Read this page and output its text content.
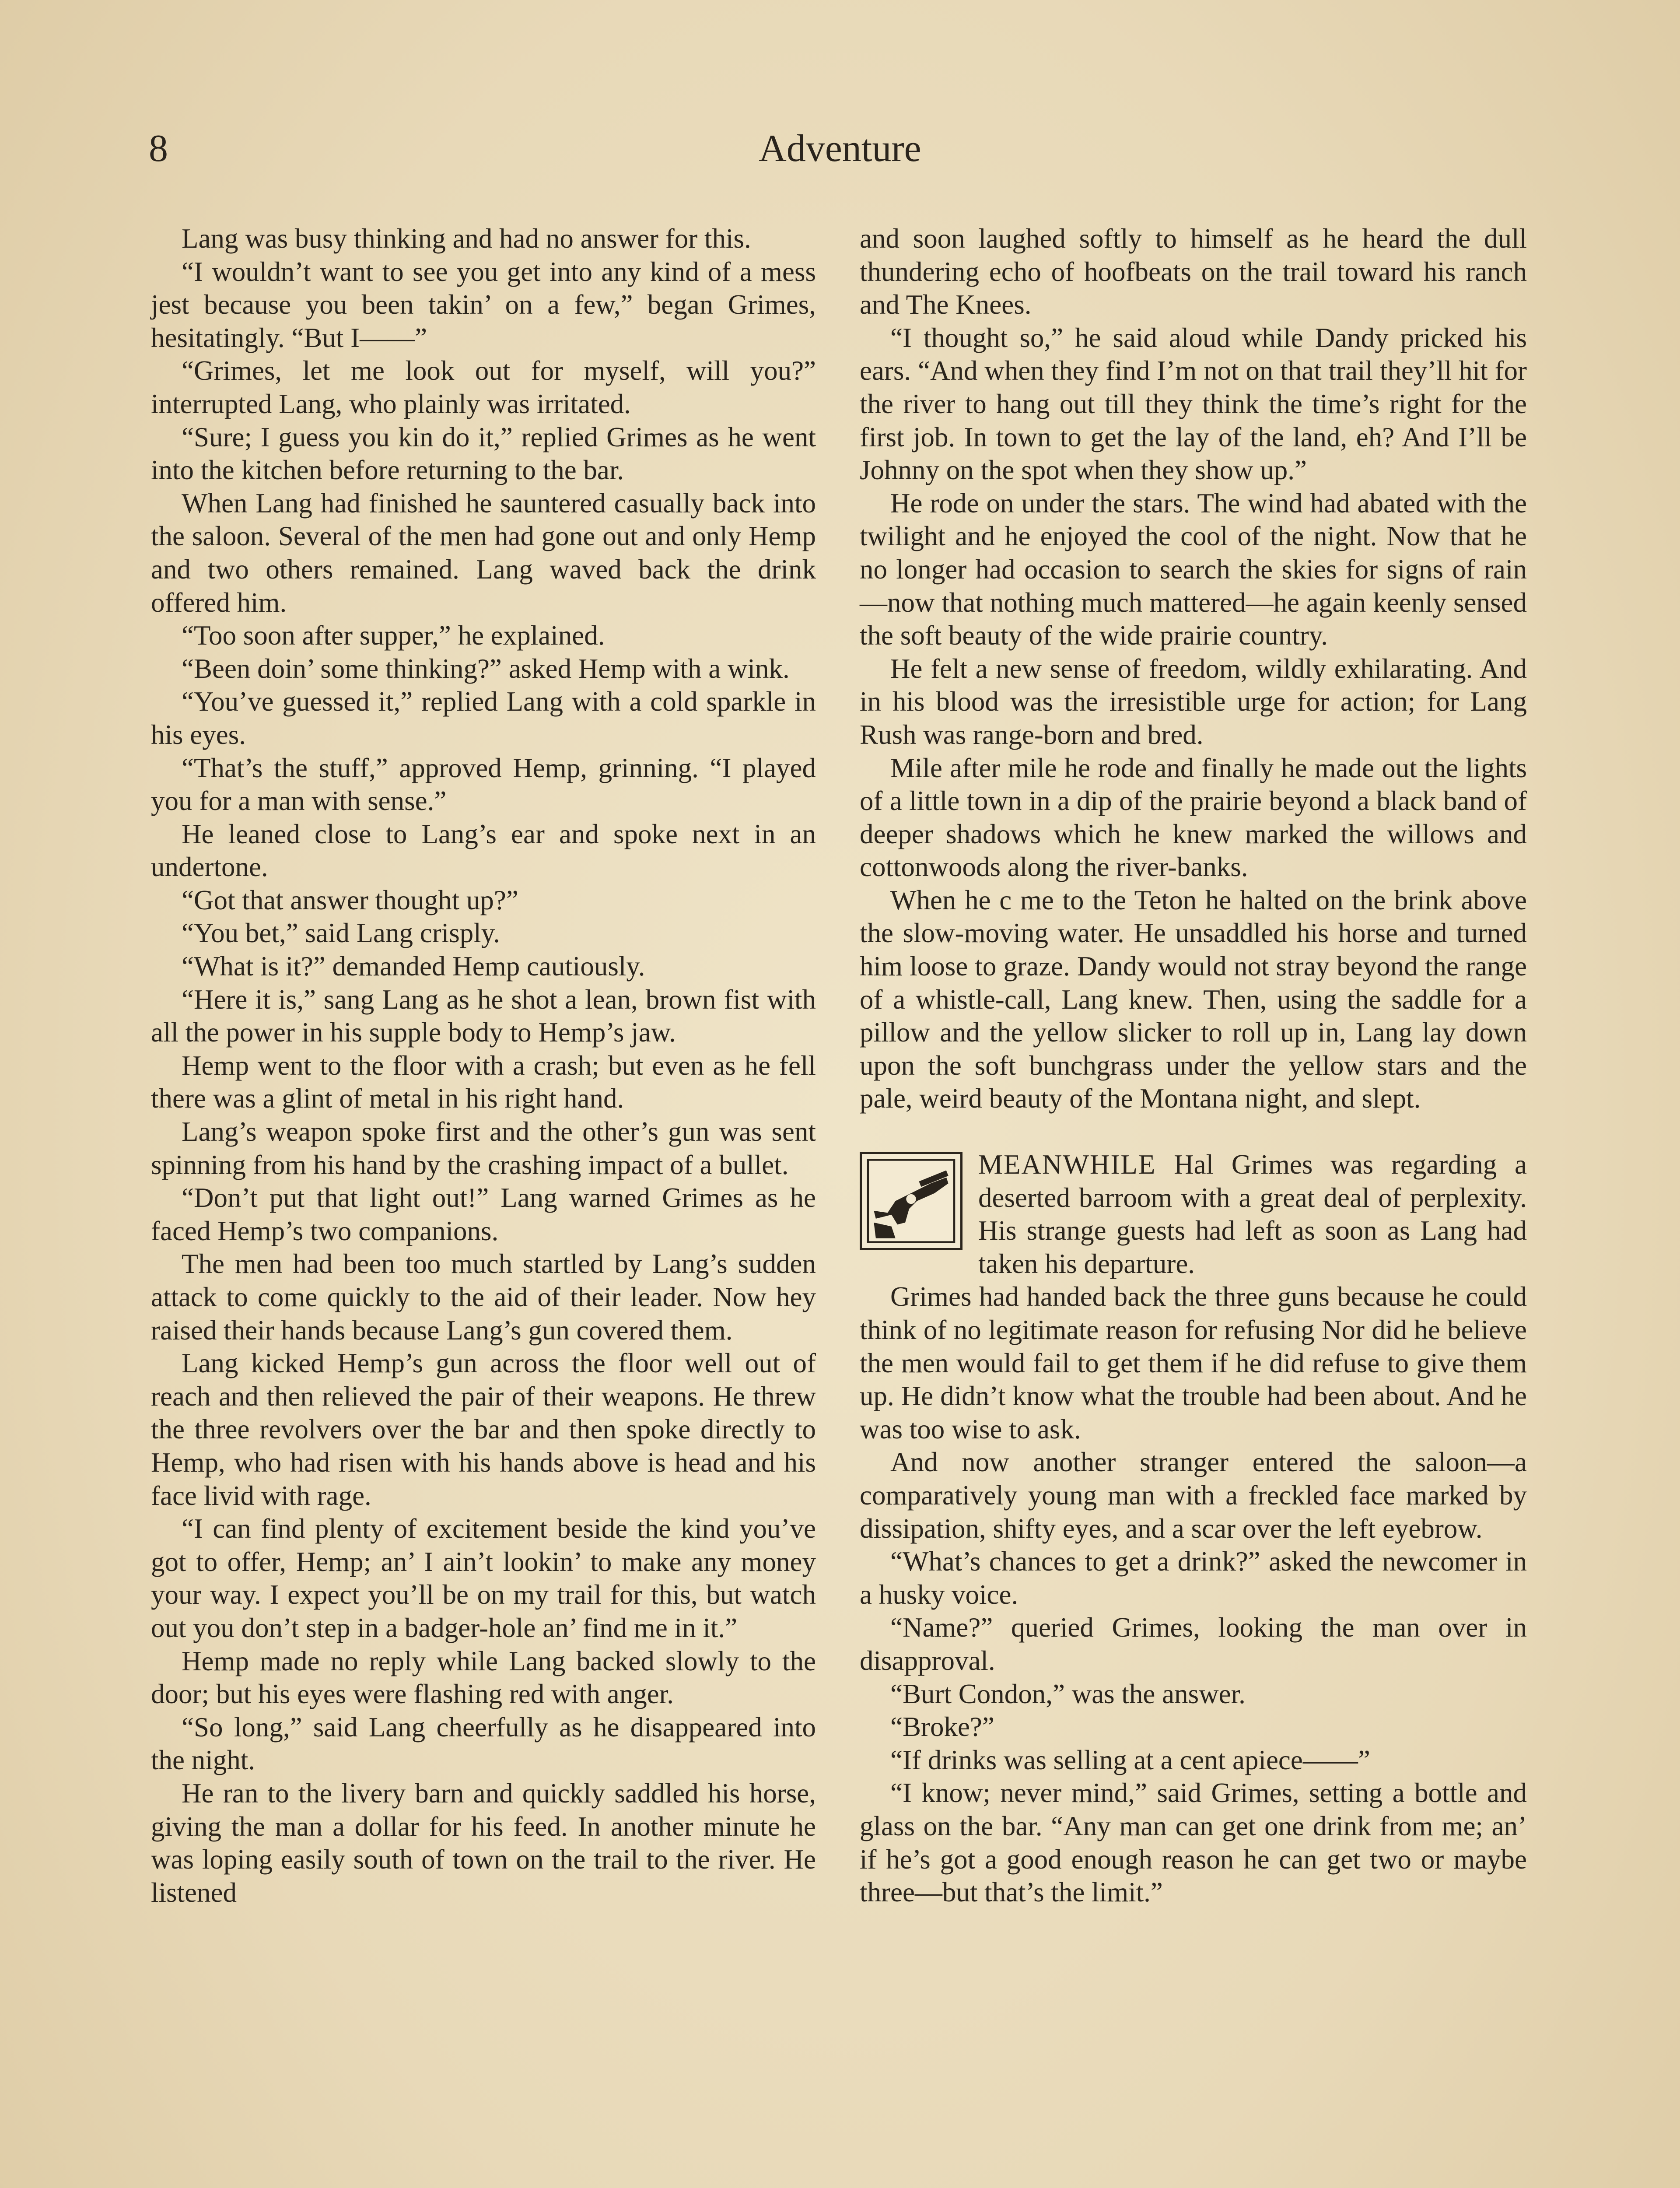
8	Adventure

Lang was busy thinking and had no answer for this.

“I wouldn’t want to see you get into any kind of a mess jest because you been takin’ on a few,” began Grimes, hesitatingly. “But I——”

“Grimes, let me look out for myself, will you?” interrupted Lang, who plainly was irritated.

“Sure; I guess you kin do it,” replied Grimes as he went into the kitchen before returning to the bar.

When Lang had finished he sauntered casually back into the saloon. Several of the men had gone out and only Hemp and two others remained. Lang waved back the drink offered him.

“Too soon after supper,” he explained.

“Been doin’ some thinking?” asked Hemp with a wink.

“You’ve guessed it,” replied Lang with a cold sparkle in his eyes.

“That’s the stuff,” approved Hemp, grinning. “I played you for a man with sense.”

He leaned close to Lang’s ear and spoke next in an undertone.

“Got that answer thought up?”

“You bet,” said Lang crisply.

“What is it?” demanded Hemp cautiously.

“Here it is,” sang Lang as he shot a lean, brown fist with all the power in his supple body to Hemp’s jaw.

Hemp went to the floor with a crash; but even as he fell there was a glint of metal in his right hand.

Lang’s weapon spoke first and the other’s gun was sent spinning from his hand by the crashing impact of a bullet.

“Don’t put that light out!” Lang warned Grimes as he faced Hemp’s two companions.

The men had been too much startled by Lang’s sudden attack to come quickly to the aid of their leader. Now hey raised their hands because Lang’s gun covered them.

Lang kicked Hemp’s gun across the floor well out of reach and then relieved the pair of their weapons. He threw the three revolvers over the bar and then spoke directly to Hemp, who had risen with his hands above is head and his face livid with rage.

“I can find plenty of excitement beside the kind you’ve got to offer, Hemp; an’ I ain’t lookin’ to make any money your way. I expect you’ll be on my trail for this, but watch out you don’t step in a badger-hole an’ find me in it.”

Hemp made no reply while Lang backed slowly to the door; but his eyes were flashing red with anger.

“So long,” said Lang cheerfully as he disappeared into the night.

He ran to the livery barn and quickly saddled his horse, giving the man a dollar for his feed. In another minute he was loping easily south of town on the trail to the river. He listened

and soon laughed softly to himself as he heard the dull thundering echo of hoofbeats on the trail toward his ranch and The Knees.

“I thought so,” he said aloud while Dandy pricked his ears. “And when they find I’m not on that trail they’ll hit for the river to hang out till they think the time’s right for the first job. In town to get the lay of the land, eh? And I’ll be Johnny on the spot when they show up.”

He rode on under the stars. The wind had abated with the twilight and he enjoyed the cool of the night. Now that he no longer had occasion to search the skies for signs of rain—now that nothing much mattered—he again keenly sensed the soft beauty of the wide prairie country.

He felt a new sense of freedom, wildly exhilarating. And in his blood was the irresistible urge for action; for Lang Rush was range-born and bred.

Mile after mile he rode and finally he made out the lights of a little town in a dip of the prairie beyond a black band of deeper shadows which he knew marked the willows and cottonwoods along the river-banks.

When he c me to the Teton he halted on the brink above the slow-moving water. He unsaddled his horse and turned him loose to graze. Dandy would not stray beyond the range of a whistle-call, Lang knew. Then, using the saddle for a pillow and the yellow slicker to roll up in, Lang lay down upon the soft bunchgrass under the yellow stars and the pale, weird beauty of the Montana night, and slept.

MEANWHILE Hal Grimes was regarding a deserted barroom with a great deal of perplexity. His strange guests had left as soon as Lang had taken his departure.

Grimes had handed back the three guns because he could think of no legitimate reason for refusing Nor did he believe the men would fail to get them if he did refuse to give them up. He didn’t know what the trouble had been about. And he was too wise to ask.

And now another stranger entered the saloon—a comparatively young man with a freckled face marked by dissipation, shifty eyes, and a scar over the left eyebrow.

“What’s chances to get a drink?” asked the newcomer in a husky voice.

“Name?” queried Grimes, looking the man over in disapproval.

“Burt Condon,” was the answer.

“Broke?”

“If drinks was selling at a cent apiece——”

“I know; never mind,” said Grimes, setting a bottle and glass on the bar. “Any man can get one drink from me; an’ if he’s got a good enough reason he can get two or maybe three—but that’s the limit.”
